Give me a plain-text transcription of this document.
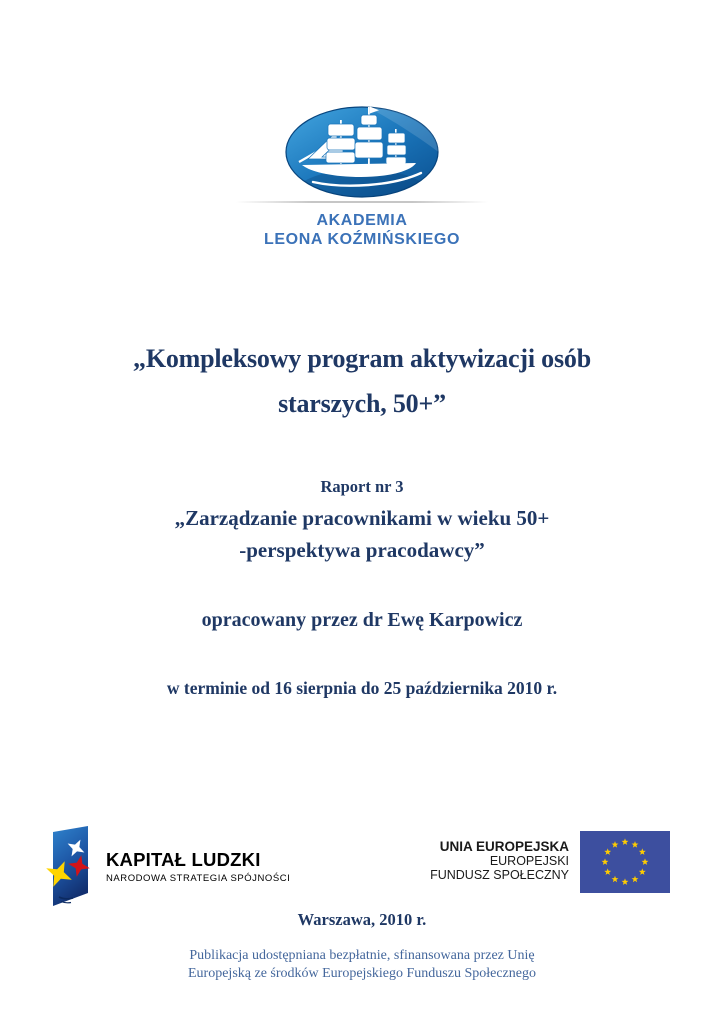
AKADEMIA
LEONA KOŹMIŃSKIEGO
„Kompleksowy program aktywizacji osób
starszych, 50+”
Raport nr 3
„Zarządzanie pracownikami w wieku 50+
-perspektywa pracodawcy”
opracowany przez dr Ewę Karpowicz
w terminie od 16 sierpnia do 25 października 2010 r.
KAPITAŁ LUDZKI
NARODOWA STRATEGIA SPÓJNOŚCI
UNIA EUROPEJSKA
EUROPEJSKI
FUNDUSZ SPOŁECZNY
Warszawa, 2010 r.
Publikacja udostępniana bezpłatnie, sfinansowana przez Unię
Europejską ze środków Europejskiego Funduszu Społecznego
